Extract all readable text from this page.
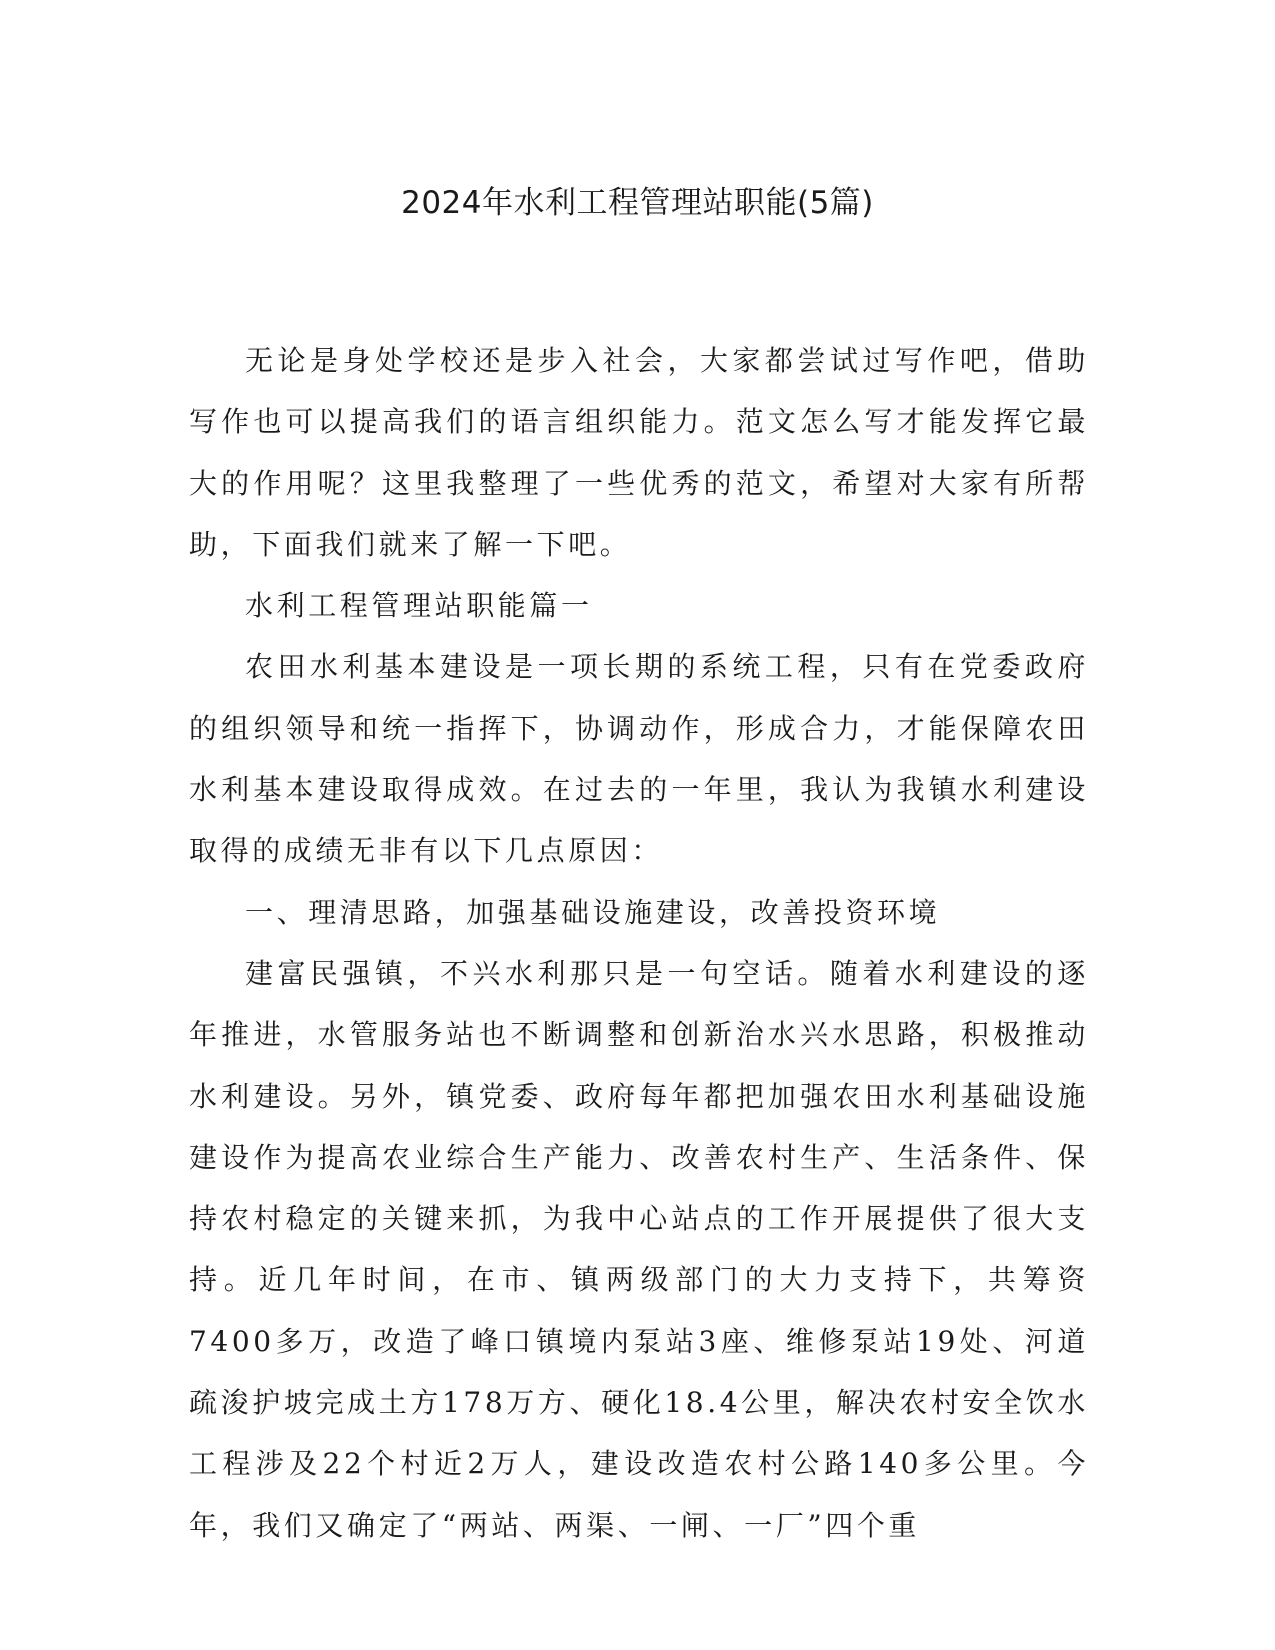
2024年水利工程管理站职能(5篇)

无论是身处学校还是步入社会，大家都尝试过写作吧，借助写作也可以提高我们的语言组织能力。范文怎么写才能发挥它最大的作用呢？这里我整理了一些优秀的范文，希望对大家有所帮助，下面我们就来了解一下吧。

水利工程管理站职能篇一

农田水利基本建设是一项长期的系统工程，只有在党委政府的组织领导和统一指挥下，协调动作，形成合力，才能保障农田水利基本建设取得成效。在过去的一年里，我认为我镇水利建设取得的成绩无非有以下几点原因：

一、理清思路，加强基础设施建设，改善投资环境

建富民强镇，不兴水利那只是一句空话。随着水利建设的逐年推进，水管服务站也不断调整和创新治水兴水思路，积极推动水利建设。另外，镇党委、政府每年都把加强农田水利基础设施建设作为提高农业综合生产能力、改善农村生产、生活条件、保持农村稳定的关键来抓，为我中心站点的工作开展提供了很大支持。近几年时间，在市、镇两级部门的大力支持下，共筹资7400多万，改造了峰口镇境内泵站3座、维修泵站19处、河道疏浚护坡完成土方178万方、硬化18.4公里，解决农村安全饮水工程涉及22个村近2万人，建设改造农村公路140多公里。今年，我们又确定了“两站、两渠、一闸、一厂”四个重
